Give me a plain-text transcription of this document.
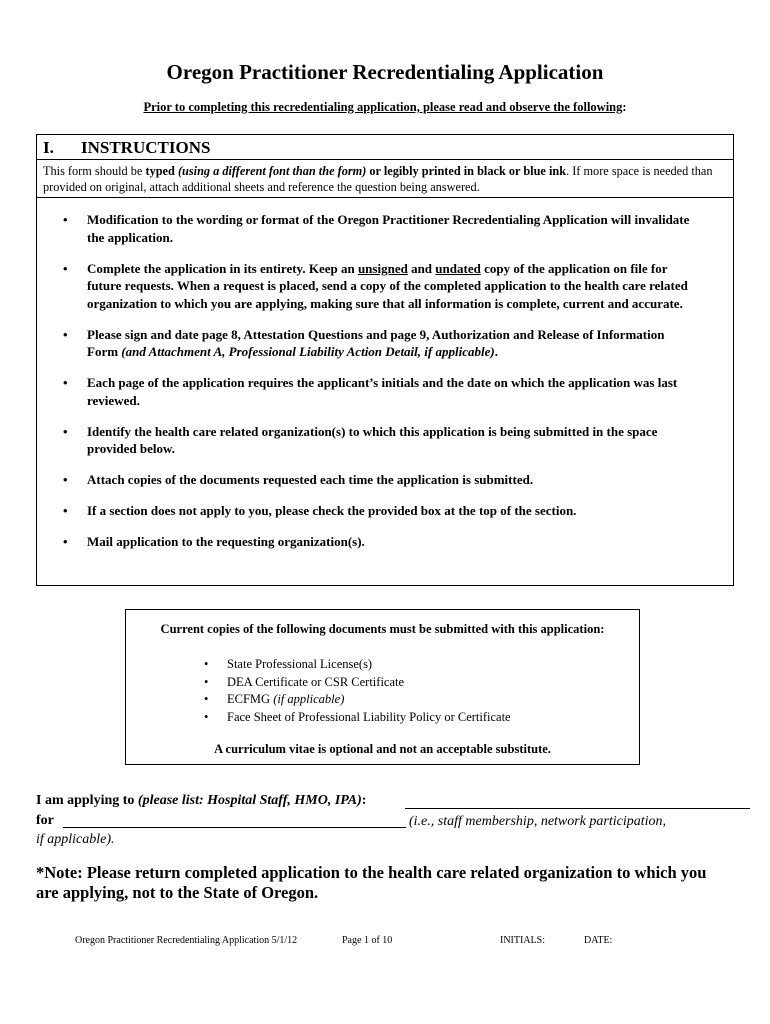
Oregon Practitioner Recredentialing Application
Prior to completing this recredentialing application, please read and observe the following:
I. INSTRUCTIONS
This form should be typed (using a different font than the form) or legibly printed in black or blue ink. If more space is needed than provided on original, attach additional sheets and reference the question being answered.
• Modification to the wording or format of the Oregon Practitioner Recredentialing Application will invalidate the application.
• Complete the application in its entirety. Keep an unsigned and undated copy of the application on file for future requests. When a request is placed, send a copy of the completed application to the health care related organization to which you are applying, making sure that all information is complete, current and accurate.
• Please sign and date page 8, Attestation Questions and page 9, Authorization and Release of Information Form (and Attachment A, Professional Liability Action Detail, if applicable).
• Each page of the application requires the applicant’s initials and the date on which the application was last reviewed.
• Identify the health care related organization(s) to which this application is being submitted in the space provided below.
• Attach copies of the documents requested each time the application is submitted.
• If a section does not apply to you, please check the provided box at the top of the section.
• Mail application to the requesting organization(s).
Current copies of the following documents must be submitted with this application:
• State Professional License(s)
• DEA Certificate or CSR Certificate
• ECFMG (if applicable)
• Face Sheet of Professional Liability Policy or Certificate
A curriculum vitae is optional and not an acceptable substitute.
I am applying to (please list: Hospital Staff, HMO, IPA):
for	(i.e., staff membership, network participation,
if applicable).
*Note: Please return completed application to the health care related organization to which you are applying, not to the State of Oregon.
Oregon Practitioner Recredentialing Application 5/1/12	Page 1 of 10	INITIALS:	DATE:
